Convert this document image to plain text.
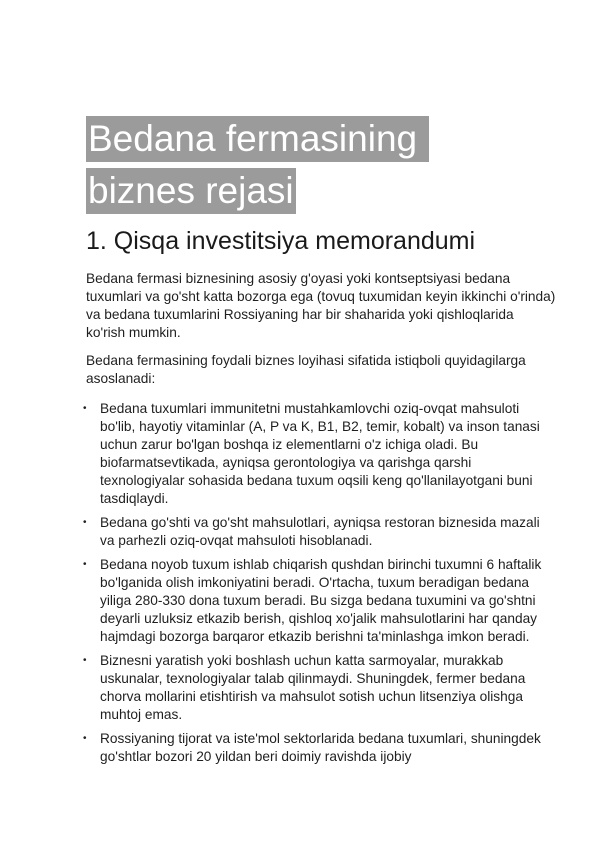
Bedana fermasining
biznes rejasi
1. Qisqa investitsiya memorandumi

Bedana fermasi biznesining asosiy g'oyasi yoki kontseptsiyasi bedana tuxumlari va go'sht katta bozorga ega (tovuq tuxumidan keyin ikkinchi o'rinda) va bedana tuxumlarini Rossiyaning har bir shaharida yoki qishloqlarida ko'rish mumkin.

Bedana fermasining foydali biznes loyihasi sifatida istiqboli quyidagilarga asoslanadi:

• Bedana tuxumlari immunitetni mustahkamlovchi oziq-ovqat mahsuloti bo'lib, hayotiy vitaminlar (A, P va K, B1, B2, temir, kobalt) va inson tanasi uchun zarur bo'lgan boshqa iz elementlarni o'z ichiga oladi. Bu biofarmatsevtikada, ayniqsa gerontologiya va qarishga qarshi texnologiyalar sohasida bedana tuxum oqsili keng qo'llanilayotgani buni tasdiqlaydi.
• Bedana go'shti va go'sht mahsulotlari, ayniqsa restoran biznesida mazali va parhezli oziq-ovqat mahsuloti hisoblanadi.
• Bedana noyob tuxum ishlab chiqarish qushdan birinchi tuxumni 6 haftalik bo'lganida olish imkoniyatini beradi. O'rtacha, tuxum beradigan bedana yiliga 280-330 dona tuxum beradi. Bu sizga bedana tuxumini va go'shtni deyarli uzluksiz etkazib berish, qishloq xo'jalik mahsulotlarini har qanday hajmdagi bozorga barqaror etkazib berishni ta'minlashga imkon beradi.
• Biznesni yaratish yoki boshlash uchun katta sarmoyalar, murakkab uskunalar, texnologiyalar talab qilinmaydi. Shuningdek, fermer bedana chorva mollarini etishtirish va mahsulot sotish uchun litsenziya olishga muhtoj emas.
• Rossiyaning tijorat va iste'mol sektorlarida bedana tuxumlari, shuningdek go'shtlar bozori 20 yildan beri doimiy ravishda ijobiy
